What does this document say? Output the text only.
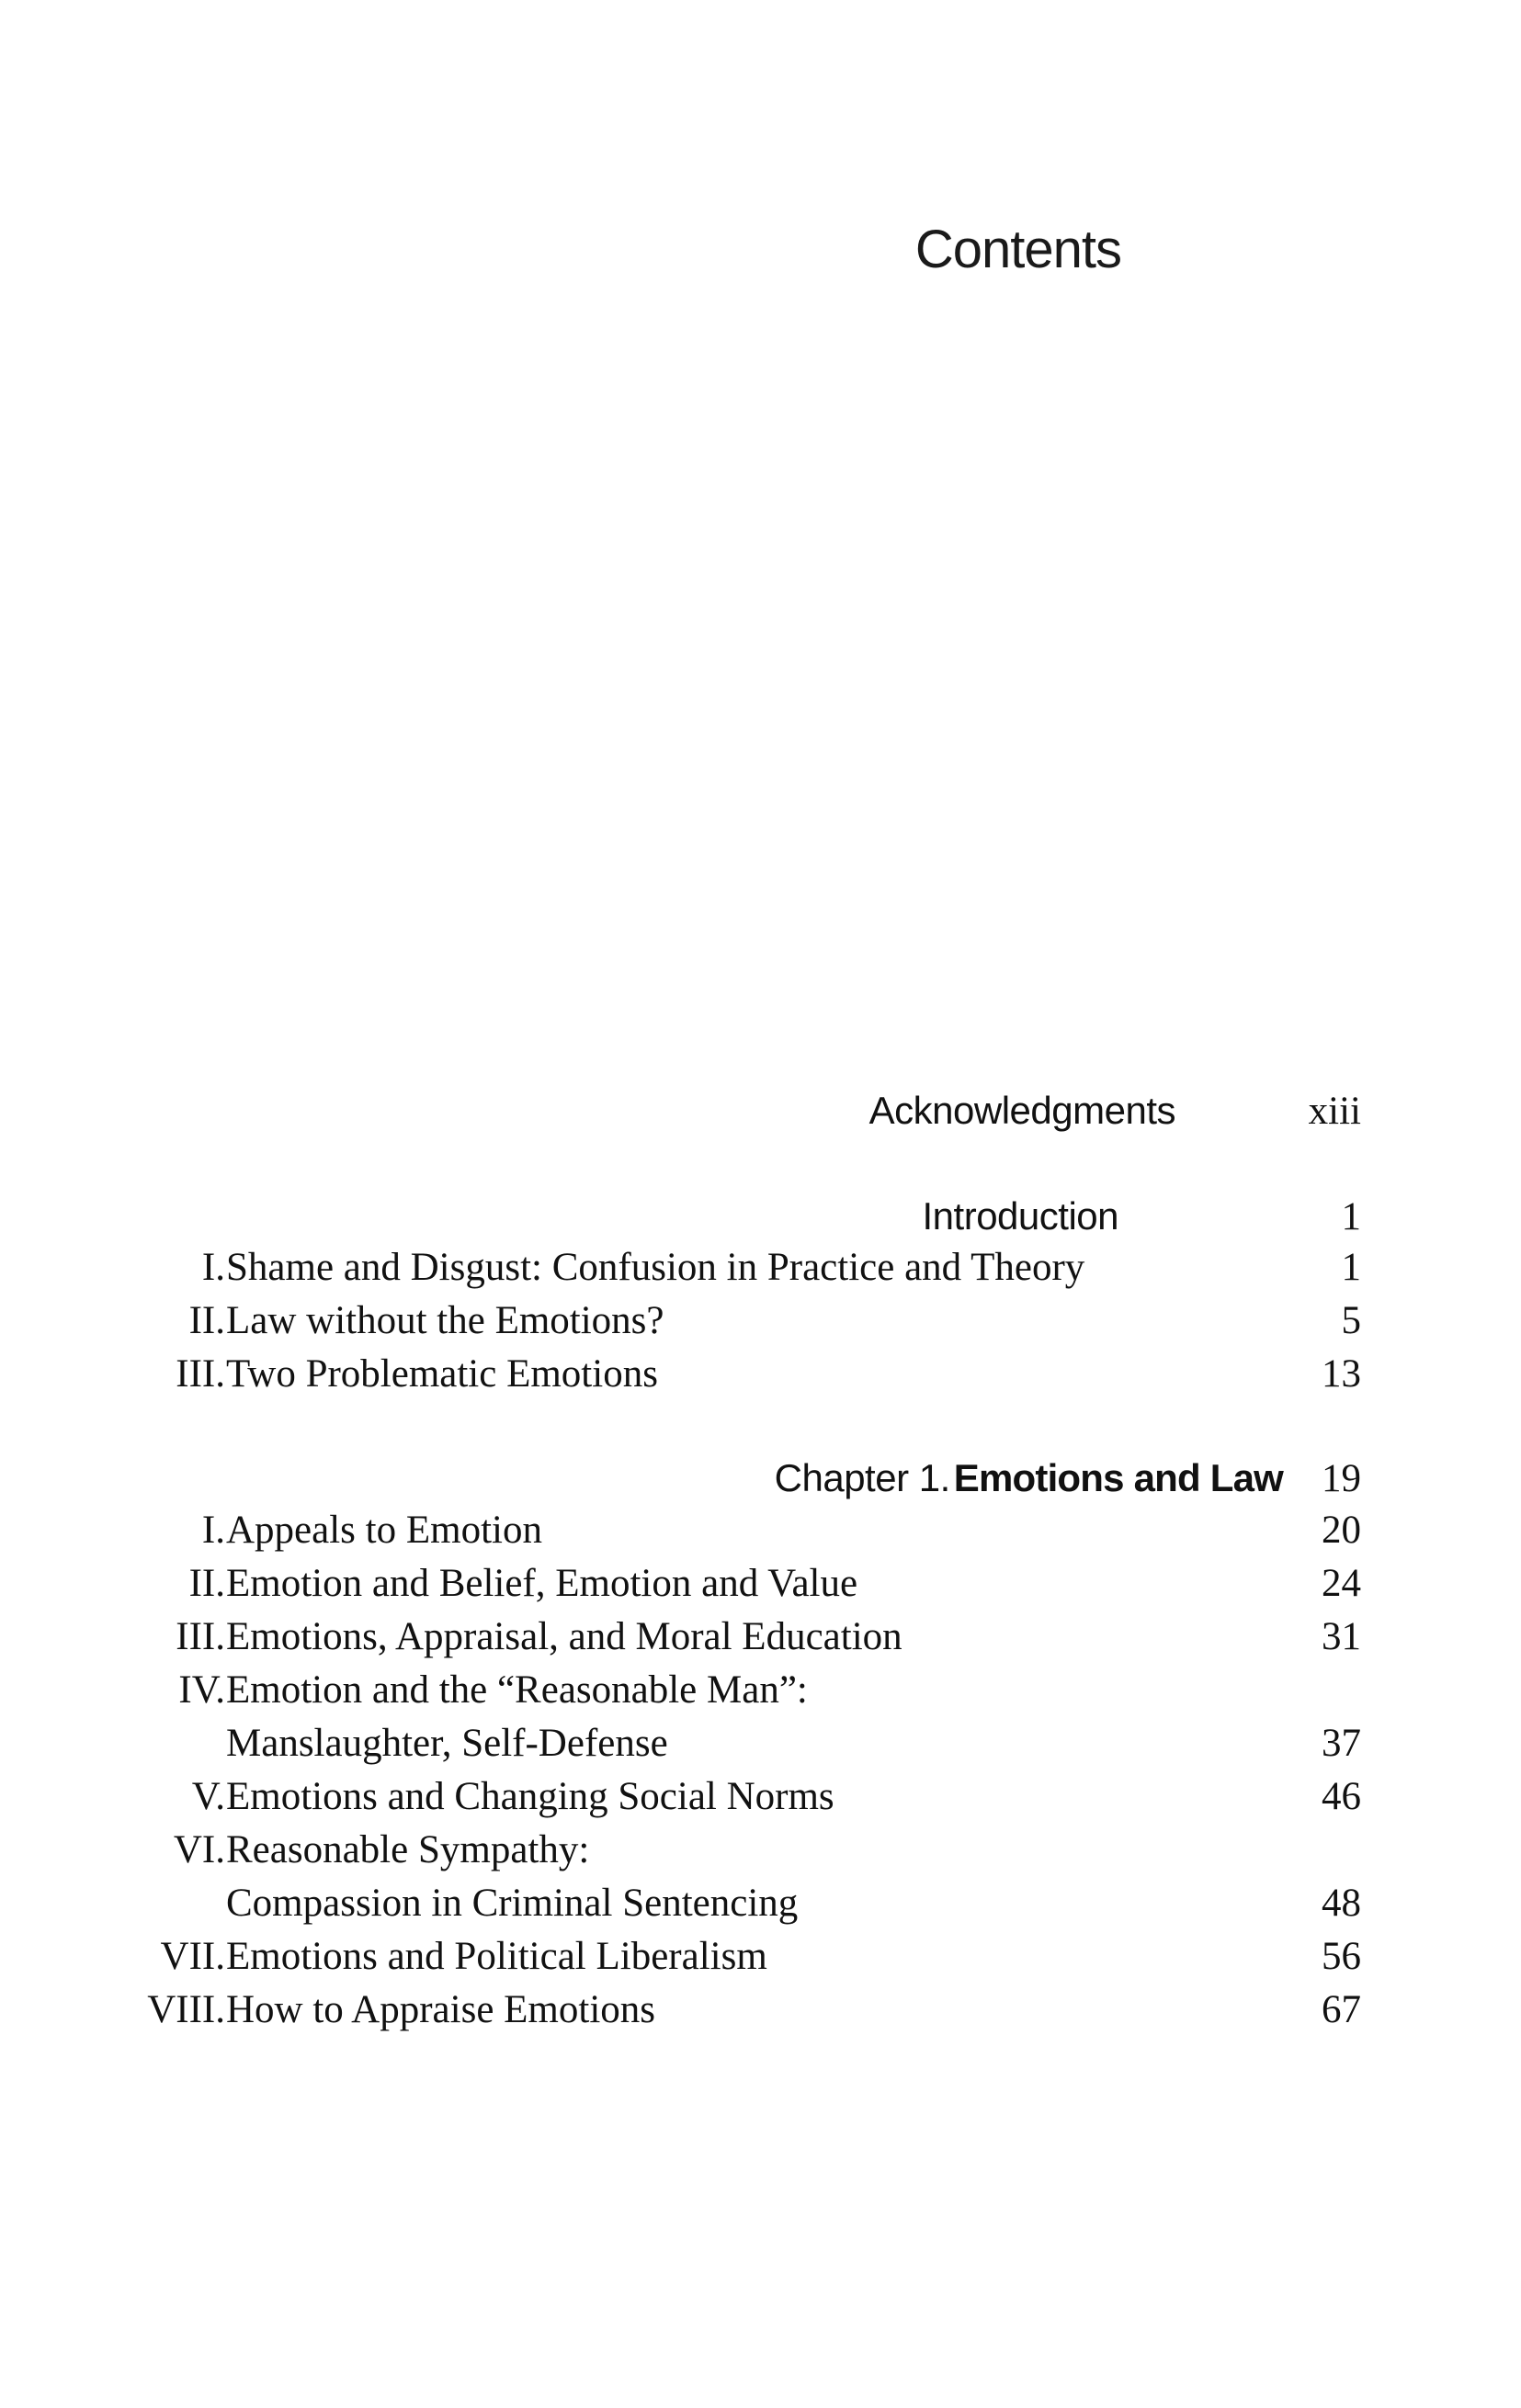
Contents
Acknowledgments	xiii
Introduction	1
I. Shame and Disgust: Confusion in Practice and Theory	1
II. Law without the Emotions?	5
III. Two Problematic Emotions	13
Chapter 1. Emotions and Law 19
I. Appeals to Emotion	20
II. Emotion and Belief, Emotion and Value	24
III. Emotions, Appraisal, and Moral Education	31
IV. Emotion and the “Reasonable Man”:
Manslaughter, Self-Defense	37
V. Emotions and Changing Social Norms	46
VI. Reasonable Sympathy:
Compassion in Criminal Sentencing	48
VII. Emotions and Political Liberalism	56
VIII. How to Appraise Emotions	67
